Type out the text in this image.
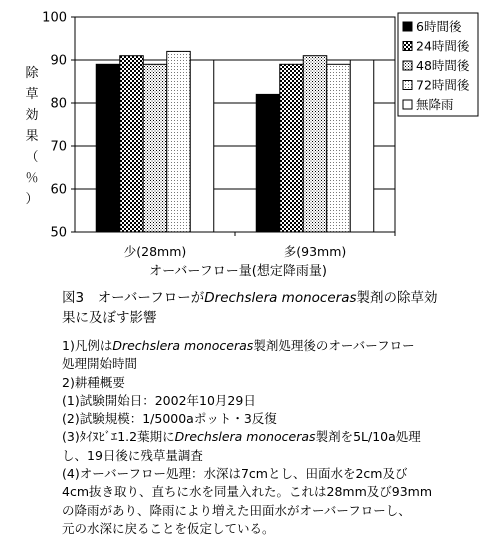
50
60
70
80
90
100
少(28mm)	多(93mm)
オーバーフロー量(想定降雨量)
除草効果（％）
6時間後
24時間後
48時間後
72時間後
無降雨
図3　オーバーフローがDrechslera monoceras製剤の除草効
果に及ぼす影響
1)凡例はDrechslera monoceras製剤処理後のオーバーフロー
処理開始時間
2)耕種概要
(1)試験開始日：2002年10月29日
(2)試験規模：1/5000aポット・3反復
(3)ﾀｲﾇﾋﾞｴ1.2葉期にDrechslera monoceras製剤を5L/10a処理
し、19日後に残草量調査
(4)オーバーフロー処理：水深は7cmとし、田面水を2cm及び
4cm抜き取り、直ちに水を同量入れた。これは28mm及び93mm
の降雨があり、降雨により増えた田面水がオーバーフローし、
元の水深に戻ることを仮定している。
